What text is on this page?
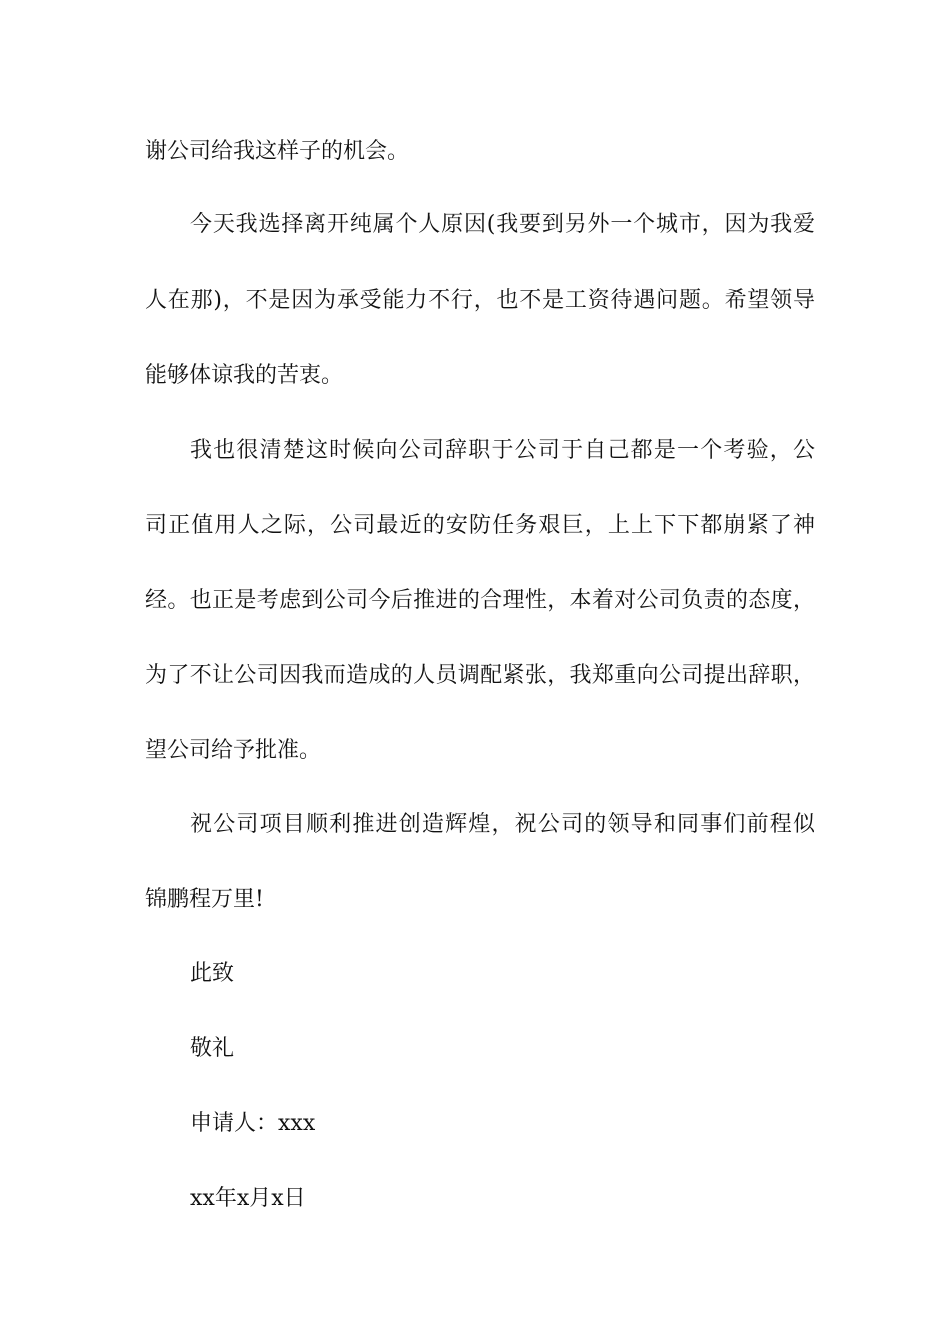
谢公司给我这样子的机会。
今天我选择离开纯属个人原因(我要到另外一个城市，因为我爱
人在那)，不是因为承受能力不行，也不是工资待遇问题。希望领导
能够体谅我的苦衷。
我也很清楚这时候向公司辞职于公司于自己都是一个考验，公
司正值用人之际，公司最近的安防任务艰巨，上上下下都崩紧了神
经。也正是考虑到公司今后推进的合理性，本着对公司负责的态度，
为了不让公司因我而造成的人员调配紧张，我郑重向公司提出辞职，
望公司给予批准。
祝公司项目顺利推进创造辉煌，祝公司的领导和同事们前程似
锦鹏程万里!
此致
敬礼
申请人：xxx
xx年x月x日
